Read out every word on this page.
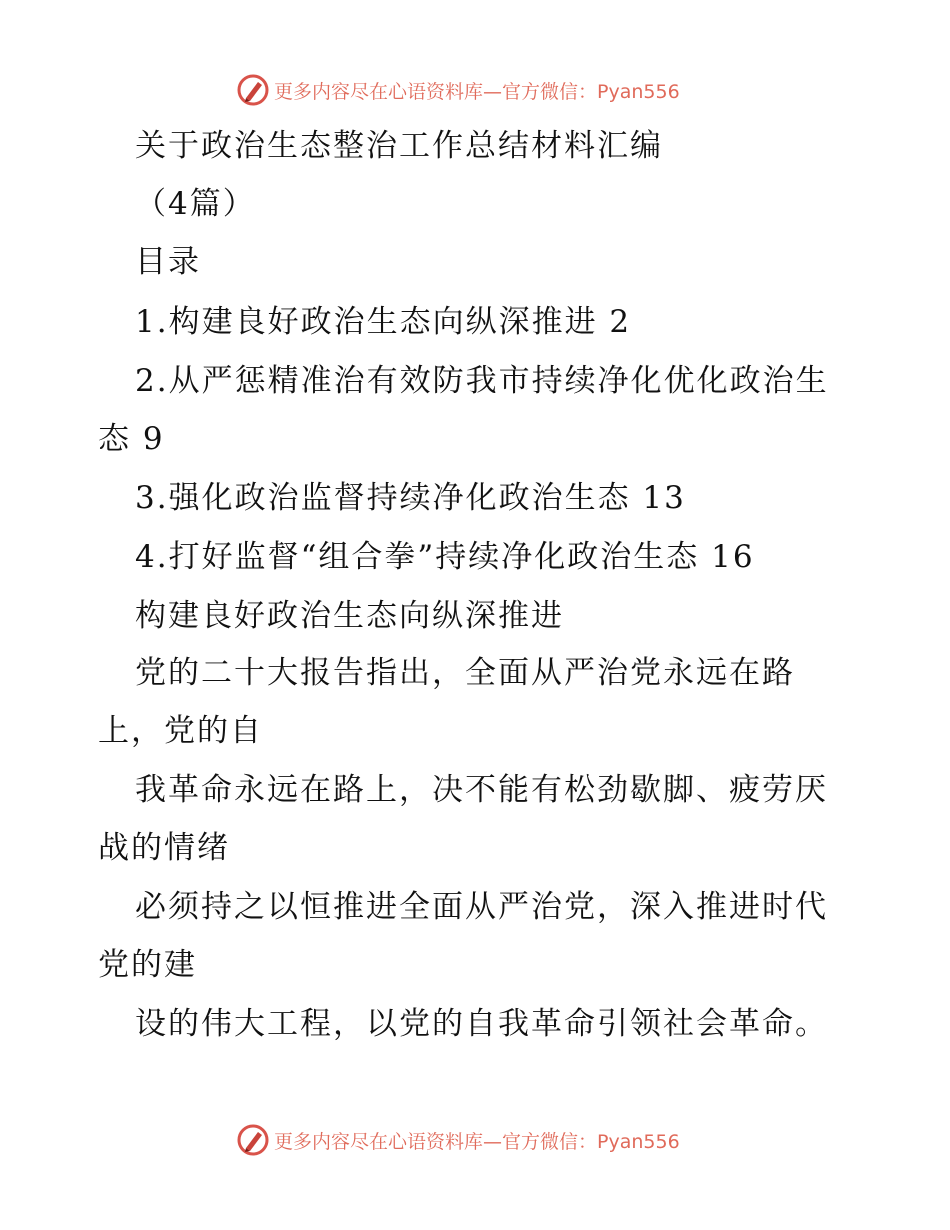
更多内容尽在心语资料库—官方微信：Pyan556
关于政治生态整治工作总结材料汇编
（4篇）
目录
1.构建良好政治生态向纵深推进 2
2.从严惩精准治有效防我市持续净化优化政治生
态 9
3.强化政治监督持续净化政治生态 13
4.打好监督“组合拳”持续净化政治生态 16
构建良好政治生态向纵深推进
党的二十大报告指出，全面从严治党永远在路
上，党的自
我革命永远在路上，决不能有松劲歇脚、疲劳厌
战的情绪
必须持之以恒推进全面从严治党，深入推进时代
党的建
设的伟大工程，以党的自我革命引领社会革命。
更多内容尽在心语资料库—官方微信：Pyan556
